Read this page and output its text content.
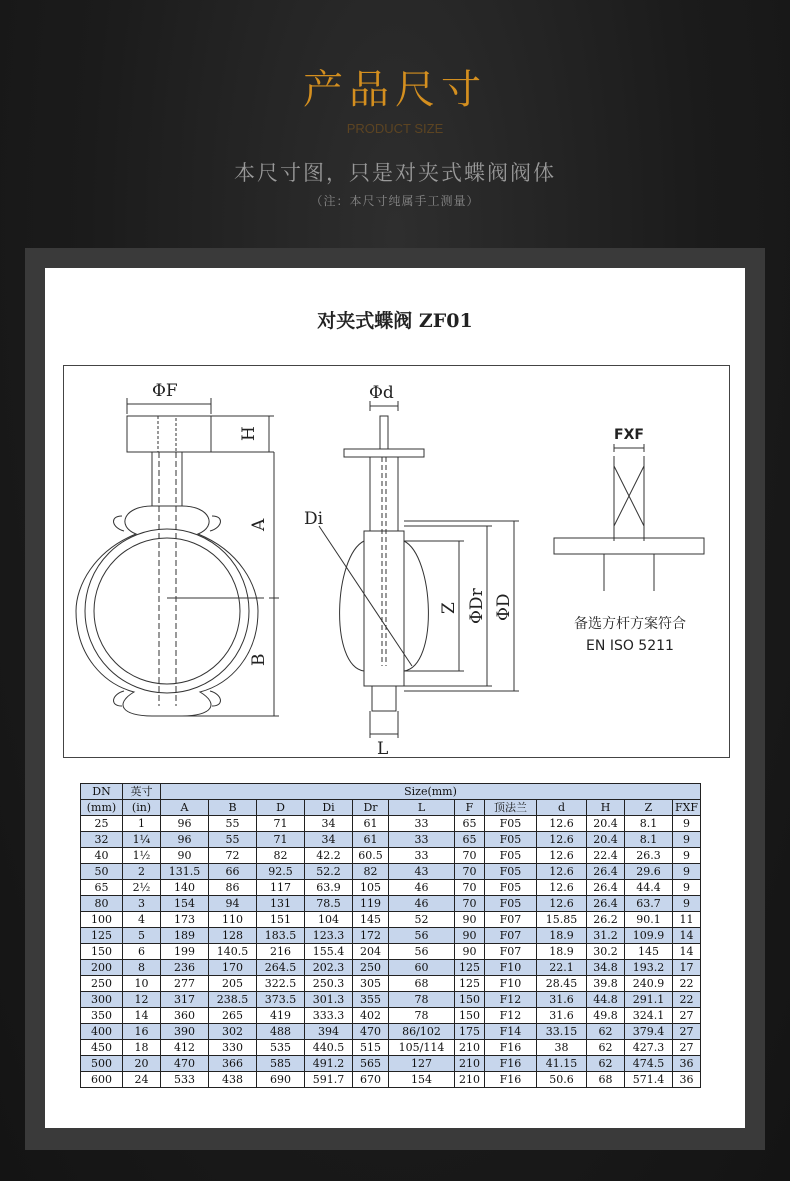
产品尺寸
PRODUCT SIZE
本尺寸图，只是对夹式蝶阀阀体
（注：本尺寸纯属手工测量）
对夹式蝶阀 ZF01
ΦF
H
A
B
Φd
Di
Z ΦDr ΦD
L
FXF
备选方杆方案符合
EN ISO 5211
DN	英寸	Size(mm)											
(mm)	(in)	A	B	D	Di	Dr	L	F	顶法兰	d	H	Z	FXF
25	1	96	55	71	34	61	33	65	F05	12.6	20.4	8.1	9
32	1¼	96	55	71	34	61	33	65	F05	12.6	20.4	8.1	9
40	1½	90	72	82	42.2	60.5	33	70	F05	12.6	22.4	26.3	9
50	2	131.5	66	92.5	52.2	82	43	70	F05	12.6	26.4	29.6	9
65	2½	140	86	117	63.9	105	46	70	F05	12.6	26.4	44.4	9
80	3	154	94	131	78.5	119	46	70	F05	12.6	26.4	63.7	9
100	4	173	110	151	104	145	52	90	F07	15.85	26.2	90.1	11
125	5	189	128	183.5	123.3	172	56	90	F07	18.9	31.2	109.9	14
150	6	199	140.5	216	155.4	204	56	90	F07	18.9	30.2	145	14
200	8	236	170	264.5	202.3	250	60	125	F10	22.1	34.8	193.2	17
250	10	277	205	322.5	250.3	305	68	125	F10	28.45	39.8	240.9	22
300	12	317	238.5	373.5	301.3	355	78	150	F12	31.6	44.8	291.1	22
350	14	360	265	419	333.3	402	78	150	F12	31.6	49.8	324.1	27
400	16	390	302	488	394	470	86/102	175	F14	33.15	62	379.4	27
450	18	412	330	535	440.5	515	105/114	210	F16	38	62	427.3	27
500	20	470	366	585	491.2	565	127	210	F16	41.15	62	474.5	36
600	24	533	438	690	591.7	670	154	210	F16	50.6	68	571.4	36
